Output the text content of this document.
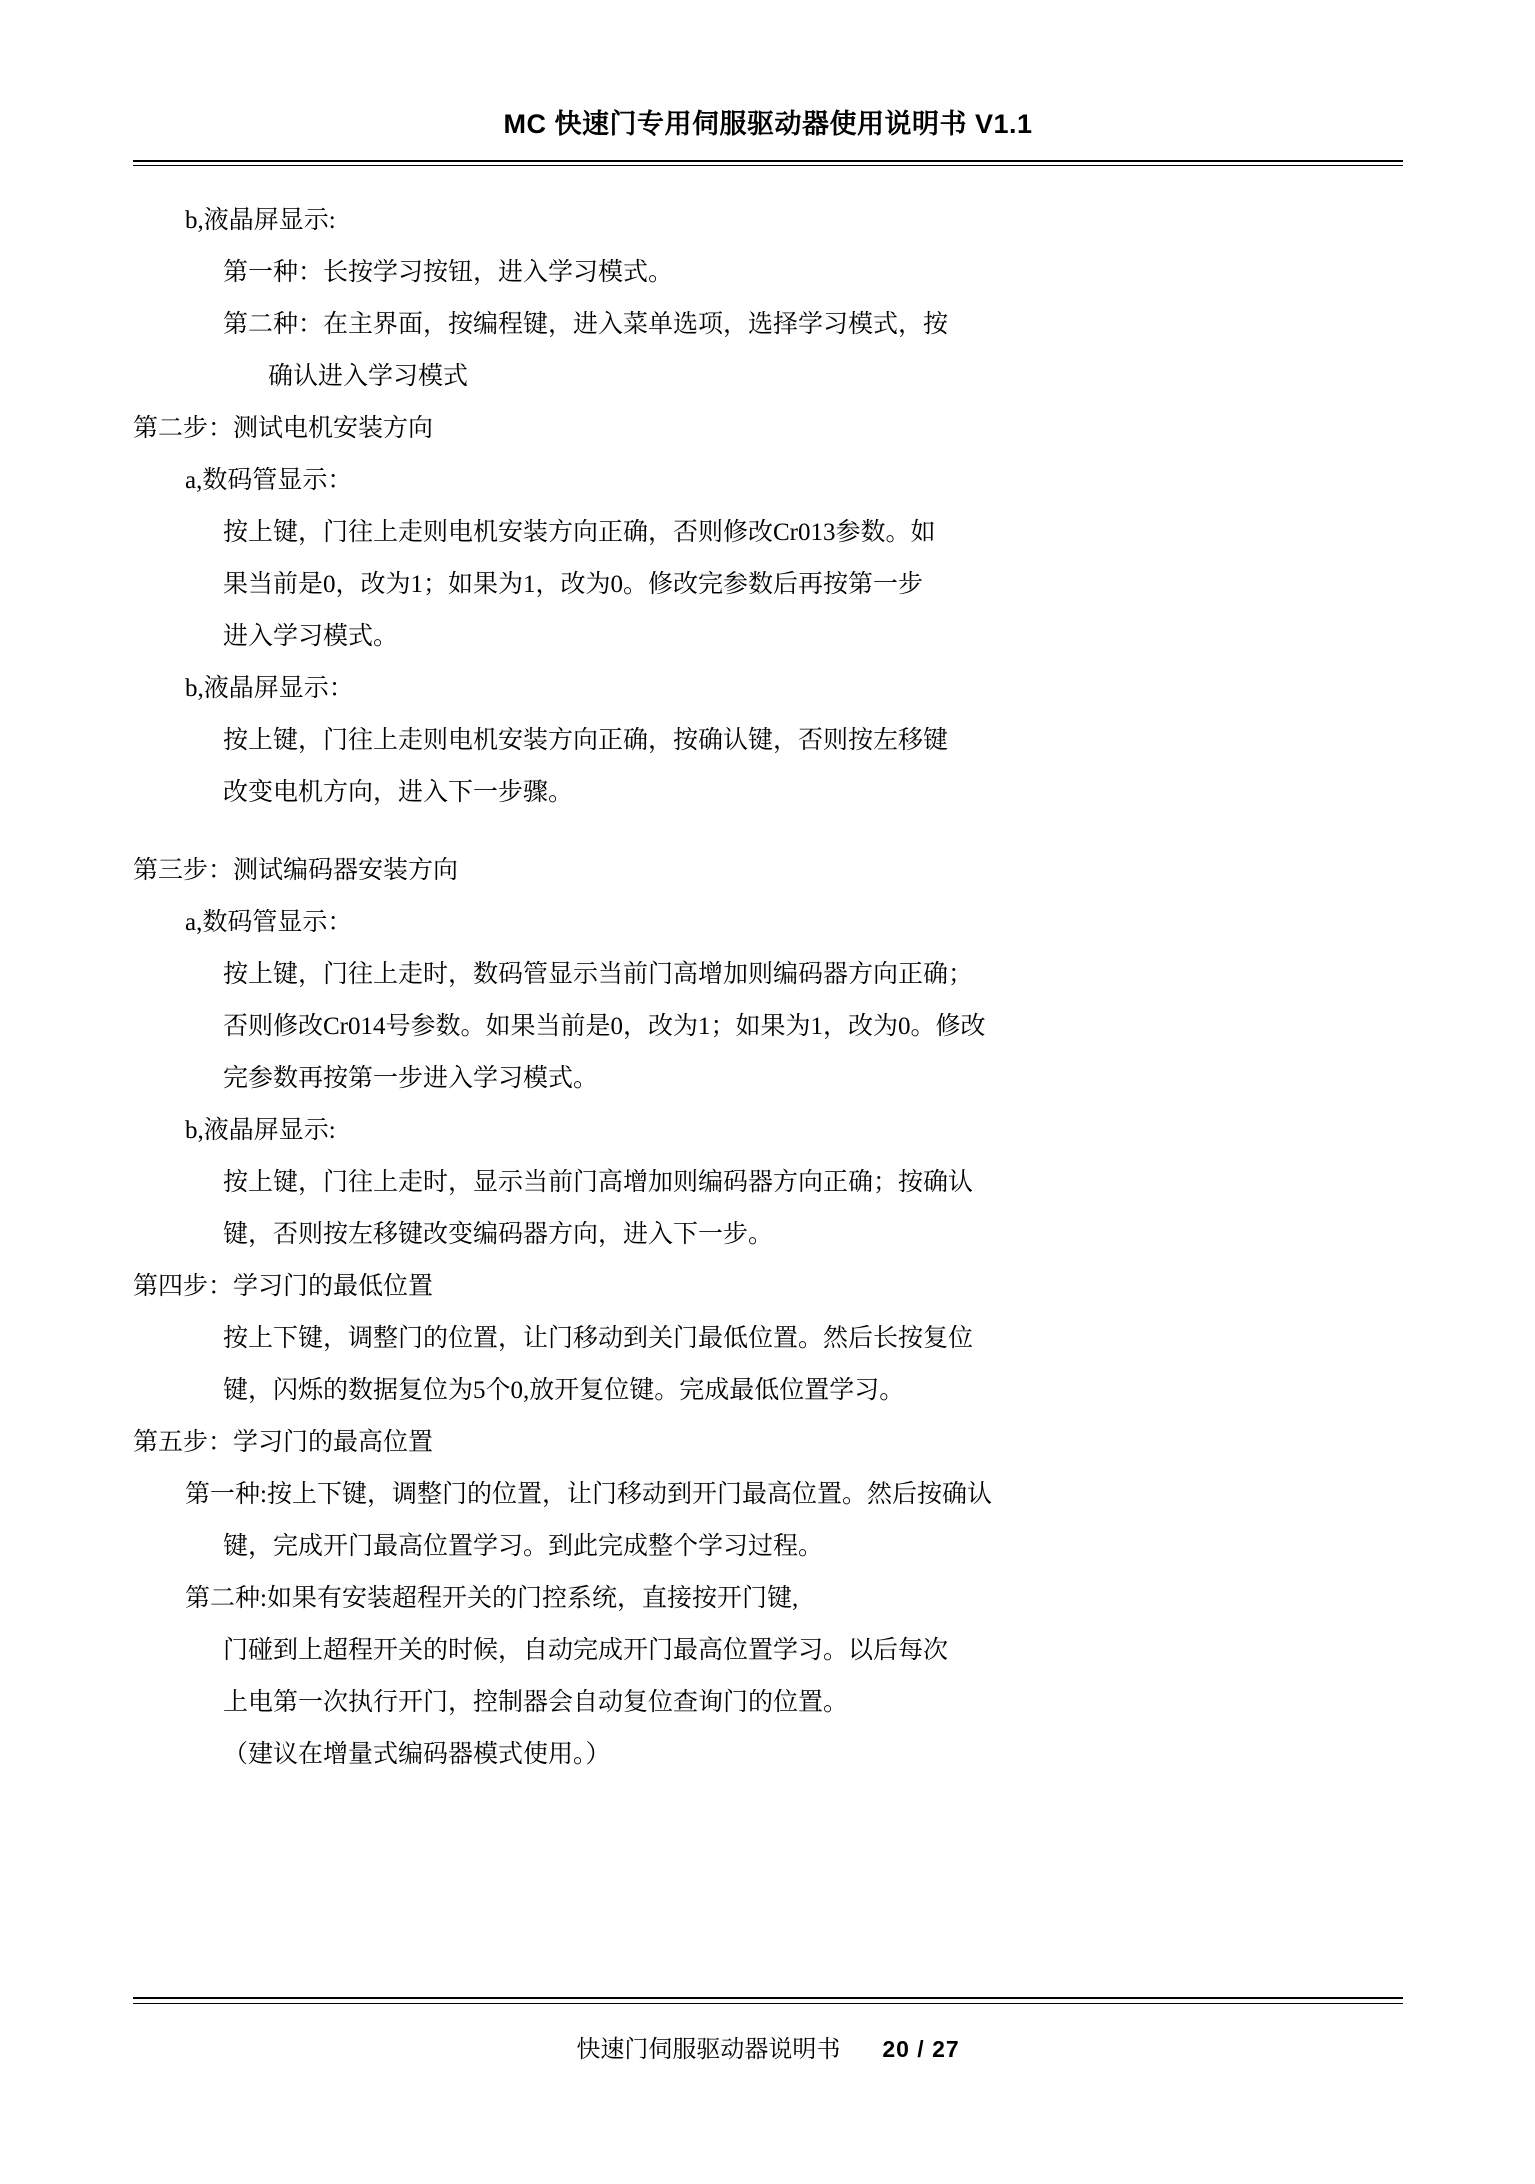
MC 快速门专用伺服驱动器使用说明书 V1.1
b,液晶屏显示:
第一种：长按学习按钮，进入学习模式。
第二种：在主界面，按编程键，进入菜单选项，选择学习模式，按
确认进入学习模式
第二步：测试电机安装方向
a,数码管显示：
按上键，门往上走则电机安装方向正确，否则修改Cr013参数。如
果当前是0，改为1；如果为1，改为0。修改完参数后再按第一步
进入学习模式。
b,液晶屏显示：
按上键，门往上走则电机安装方向正确，按确认键，否则按左移键
改变电机方向，进入下一步骤。
第三步：测试编码器安装方向
a,数码管显示：
按上键，门往上走时，数码管显示当前门高增加则编码器方向正确；
否则修改Cr014号参数。如果当前是0，改为1；如果为1，改为0。修改
完参数再按第一步进入学习模式。
b,液晶屏显示:
按上键，门往上走时，显示当前门高增加则编码器方向正确；按确认
键，否则按左移键改变编码器方向，进入下一步。
第四步：学习门的最低位置
按上下键，调整门的位置，让门移动到关门最低位置。然后长按复位
键，闪烁的数据复位为5个0,放开复位键。完成最低位置学习。
第五步：学习门的最高位置
第一种:按上下键，调整门的位置，让门移动到开门最高位置。然后按确认
键，完成开门最高位置学习。到此完成整个学习过程。
第二种:如果有安装超程开关的门控系统，直接按开门键,
门碰到上超程开关的时候，自动完成开门最高位置学习。以后每次
上电第一次执行开门，控制器会自动复位查询门的位置。
（建议在增量式编码器模式使用。）
快速门伺服驱动器说明书 20 / 27
